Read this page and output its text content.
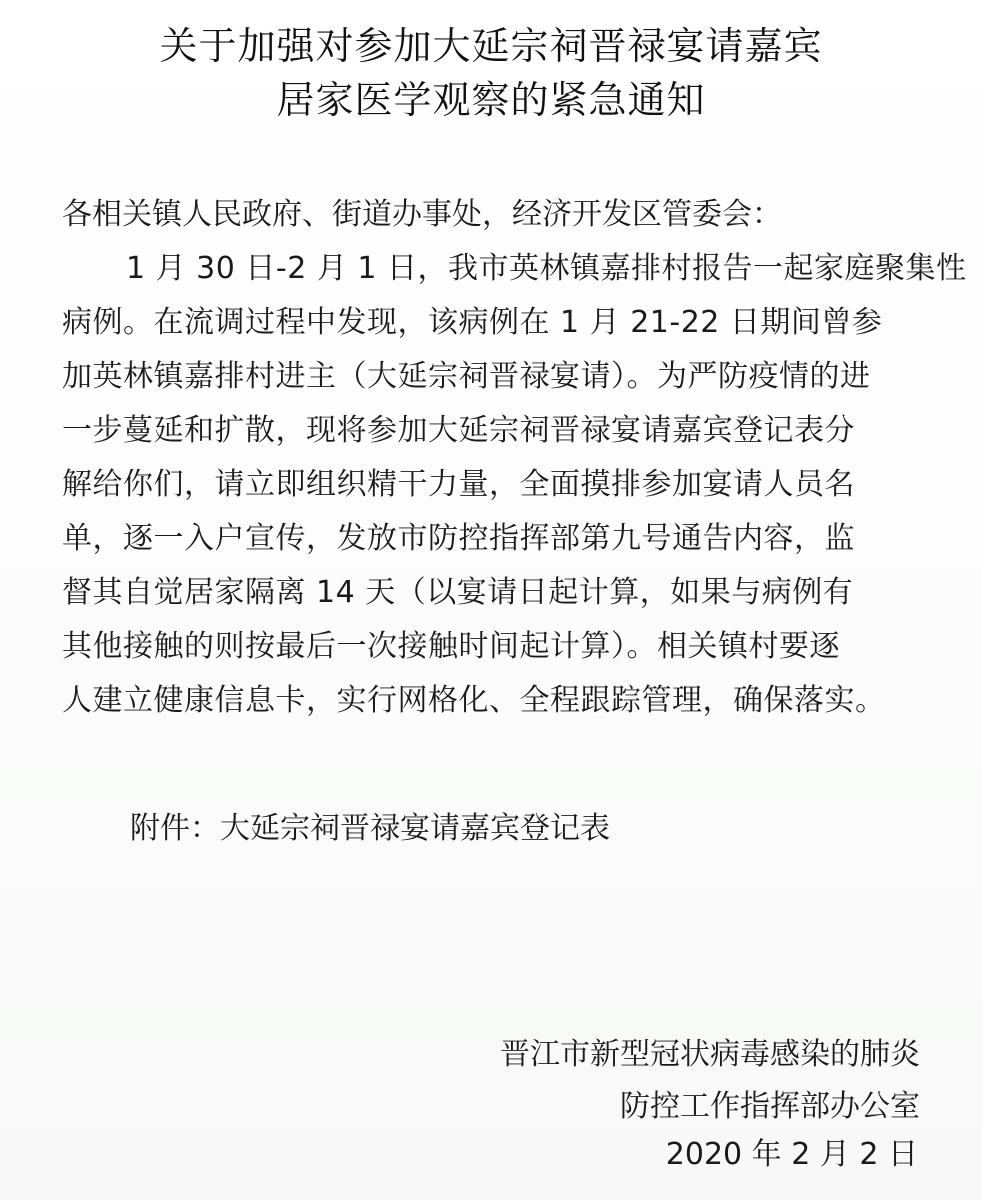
关于加强对参加大延宗祠晋禄宴请嘉宾
居家医学观察的紧急通知
各相关镇人民政府、街道办事处，经济开发区管委会：
1 月 30 日-2 月 1 日，我市英林镇嘉排村报告一起家庭聚集性
病例。在流调过程中发现，该病例在 1 月 21-22 日期间曾参
加英林镇嘉排村进主（大延宗祠晋禄宴请）。为严防疫情的进
一步蔓延和扩散，现将参加大延宗祠晋禄宴请嘉宾登记表分
解给你们，请立即组织精干力量，全面摸排参加宴请人员名
单，逐一入户宣传，发放市防控指挥部第九号通告内容，监
督其自觉居家隔离 14 天（以宴请日起计算，如果与病例有
其他接触的则按最后一次接触时间起计算）。相关镇村要逐
人建立健康信息卡，实行网格化、全程跟踪管理，确保落实。
附件：大延宗祠晋禄宴请嘉宾登记表
晋江市新型冠状病毒感染的肺炎
防控工作指挥部办公室
2020 年 2 月 2 日
